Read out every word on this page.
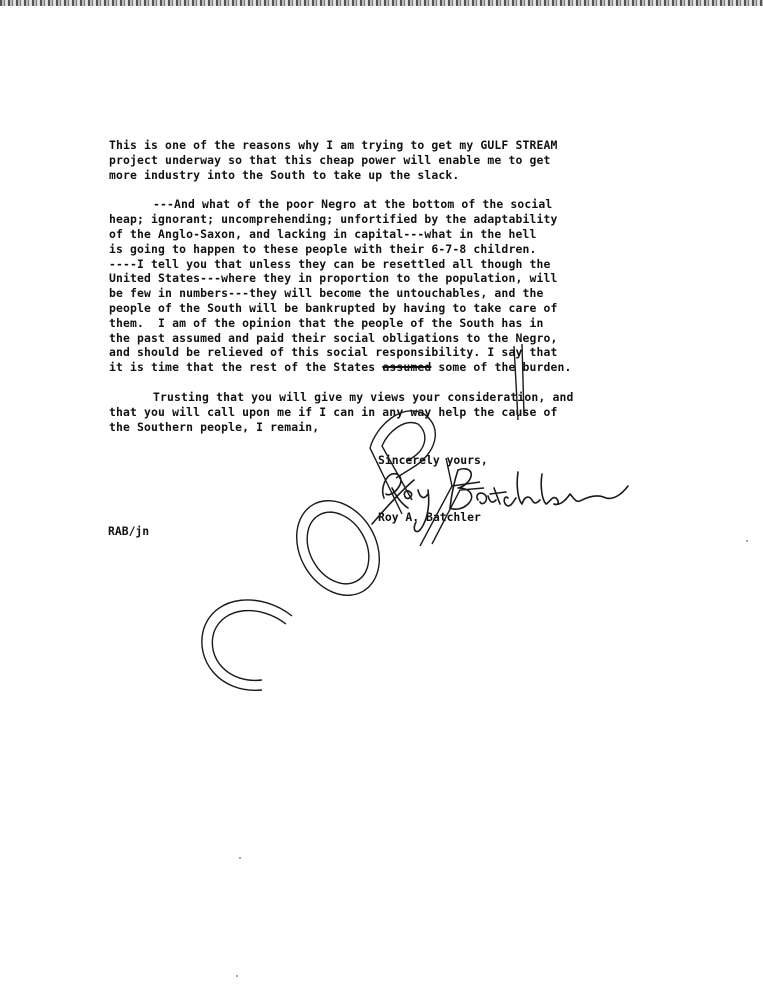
This is one of the reasons why I am trying to get my GULF STREAM
project underway so that this cheap power will enable me to get
more industry into the South to take up the slack.
---And what of the poor Negro at the bottom of the social
heap; ignorant; uncomprehending; unfortified by the adaptability
of the Anglo-Saxon, and lacking in capital---what in the hell
is going to happen to these people with their 6-7-8 children.
----I tell you that unless they can be resettled all though the
United States---where they in proportion to the population, will
be few in numbers---they will become the untouchables, and the
people of the South will be bankrupted by having to take care of
them.  I am of the opinion that the people of the South has in
the past assumed and paid their social obligations to the Negro,
and should be relieved of this social responsibility. I say that
it is time that the rest of the States assumed some of the burden.
Trusting that you will give my views your consideration, and
that you will call upon me if I can in any way help the cause of
the Southern people, I remain,
Sincerely yours,
Roy A. Batchler
RAB/jn
